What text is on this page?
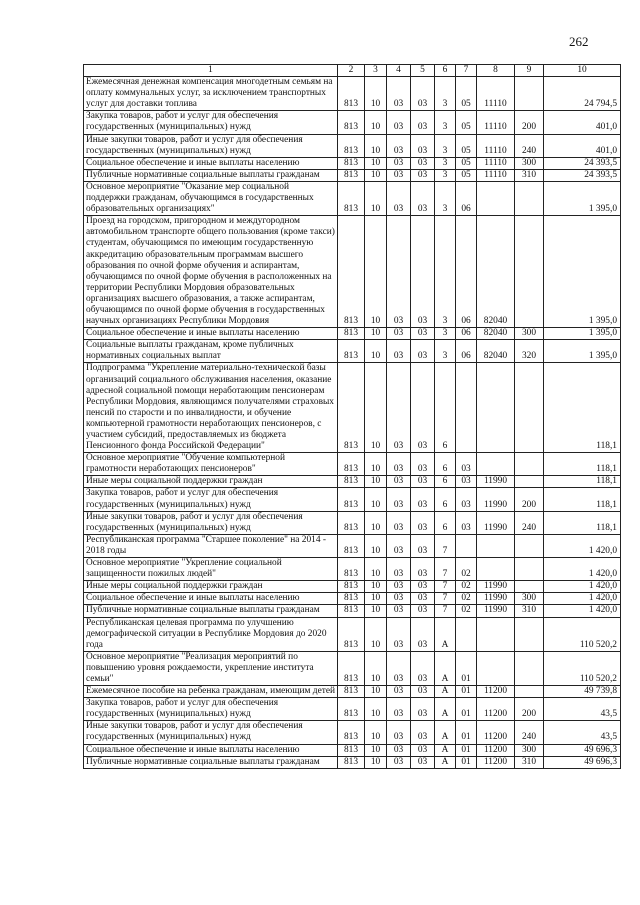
262
1	2	3	4	5	6	7	8	9	10
Ежемесячная денежная компенсация многодетным семьям на оплату коммунальных услуг, за исключением транспортных услуг для доставки топлива	813	10	03	03	3	05	11110		24 794,5
Закупка товаров, работ и услуг для обеспечения государственных (муниципальных) нужд	813	10	03	03	3	05	11110	200	401,0
Иные закупки товаров, работ и услуг для обеспечения государственных (муниципальных) нужд	813	10	03	03	3	05	11110	240	401,0
Социальное обеспечение и иные выплаты населению	813	10	03	03	3	05	11110	300	24 393,5
Публичные нормативные социальные выплаты гражданам	813	10	03	03	3	05	11110	310	24 393,5
Основное мероприятие "Оказание мер социальной поддержки гражданам, обучающимся в государственных образовательных организациях"	813	10	03	03	3	06			1 395,0
Проезд на городском, пригородном и междугородном автомобильном транспорте общего пользования (кроме такси) студентам, обучающимся по имеющим государственную аккредитацию образовательным программам высшего образования по очной форме обучения и аспирантам, обучающимся по очной форме обучения в расположенных на территории Республики Мордовия образовательных организациях высшего образования, а также аспирантам, обучающимся по очной форме обучения в государственных научных организациях Республики Мордовия	813	10	03	03	3	06	82040		1 395,0
Социальное обеспечение и иные выплаты населению	813	10	03	03	3	06	82040	300	1 395,0
Социальные выплаты гражданам, кроме публичных нормативных социальных выплат	813	10	03	03	3	06	82040	320	1 395,0
Подпрограмма "Укрепление материально-технической базы организаций социального обслуживания населения, оказание адресной социальной помощи неработающим пенсионерам Республики Мордовия, являющимся получателями страховых пенсий по старости и по инвалидности, и обучение компьютерной грамотности неработающих пенсионеров, с участием субсидий, предоставляемых из бюджета Пенсионного фонда Российской Федерации"	813	10	03	03	6				118,1
Основное мероприятие "Обучение компьютерной грамотности неработающих пенсионеров"	813	10	03	03	6	03			118,1
Иные меры социальной поддержки граждан	813	10	03	03	6	03	11990		118,1
Закупка товаров, работ и услуг для обеспечения государственных (муниципальных) нужд	813	10	03	03	6	03	11990	200	118,1
Иные закупки товаров, работ и услуг для обеспечения государственных (муниципальных) нужд	813	10	03	03	6	03	11990	240	118,1
Республиканская программа "Старшее поколение" на 2014 - 2018 годы	813	10	03	03	7				1 420,0
Основное мероприятие "Укрепление социальной защищенности пожилых людей"	813	10	03	03	7	02			1 420,0
Иные меры социальной поддержки граждан	813	10	03	03	7	02	11990		1 420,0
Социальное обеспечение и иные выплаты населению	813	10	03	03	7	02	11990	300	1 420,0
Публичные нормативные социальные выплаты гражданам	813	10	03	03	7	02	11990	310	1 420,0
Республиканская целевая программа по улучшению демографической ситуации в Республике Мордовия до 2020 года	813	10	03	03	А				110 520,2
Основное мероприятие "Реализация мероприятий по повышению уровня рождаемости, укрепление института семьи"	813	10	03	03	А	01			110 520,2
Ежемесячное пособие на ребенка гражданам, имеющим детей	813	10	03	03	А	01	11200		49 739,8
Закупка товаров, работ и услуг для обеспечения государственных (муниципальных) нужд	813	10	03	03	А	01	11200	200	43,5
Иные закупки товаров, работ и услуг для обеспечения государственных (муниципальных) нужд	813	10	03	03	А	01	11200	240	43,5
Социальное обеспечение и иные выплаты населению	813	10	03	03	А	01	11200	300	49 696,3
Публичные нормативные социальные выплаты гражданам	813	10	03	03	А	01	11200	310	49 696,3
